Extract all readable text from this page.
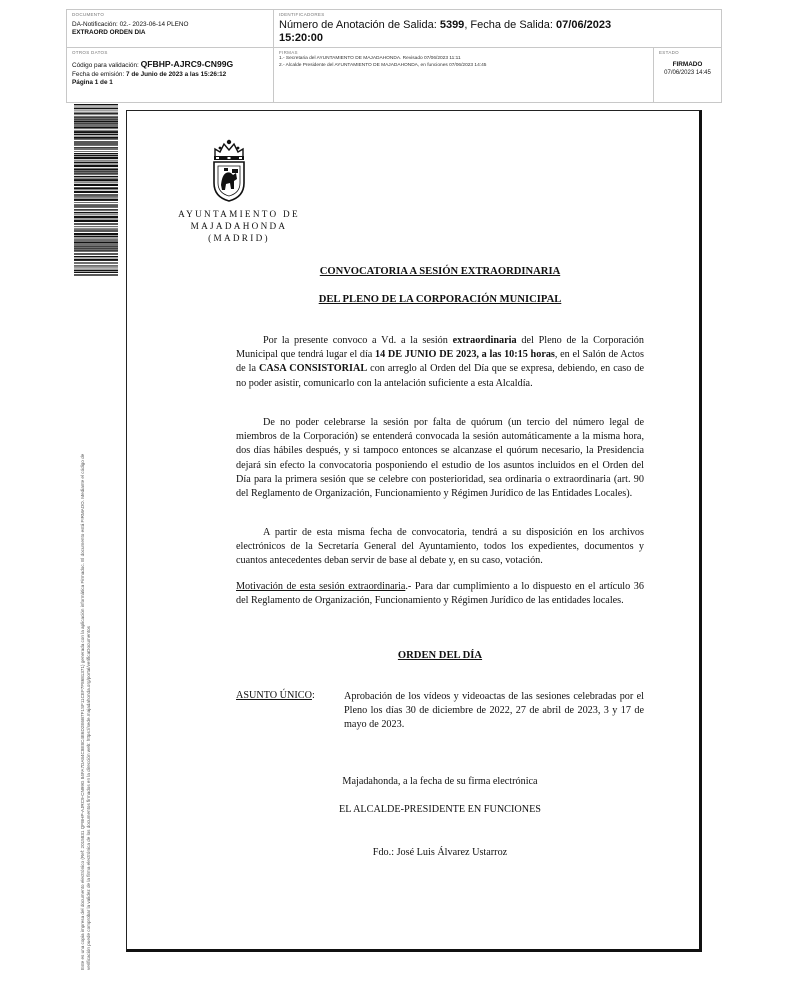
DOCUMENTO
DA-Notificación: 02.- 2023-06-14 PLENO
EXTRAORD ORDEN DIA
IDENTIFICADORES
Número de Anotación de Salida: 5399, Fecha de Salida: 07/06/2023
15:20:00
OTROS DATOS
Código para validación: QFBHP-AJRC9-CN99G
Fecha de emisión: 7 de Junio de 2023 a las 15:26:12
Página 1 de 1
FIRMAS
1.- Secretaria del AYUNTAMIENTO DE MAJADAHONDA. Revisado 07/06/2023 11:11
2.- Alcalde Presidente del AYUNTAMIENTO DE MAJADAHONDA, en funciones 07/06/2023 14:45
ESTADO
FIRMADO
07/06/2023 14:45
Este es una copia impresa del documento electrónico (Ref: 2015831 QFBHP-AJRC9-CN99G 84FA7DA84C8E8C4E6D2E6B7F1SF11CEF7F8681371) generada con la aplicación informática Firmadoc. El documento está FIRMADO. Mediante el código de verificación puede comprobar la validez de la firma electrónica de los documentos firmados en la dirección web: https://sede.majadahonda.org/portal/verificaDocumentos
AYUNTAMIENTO DE
MAJADAHONDA
(MADRID)
CONVOCATORIA A SESIÓN EXTRAORDINARIA
DEL PLENO DE LA CORPORACIÓN MUNICIPAL
Por la presente convoco a Vd. a la sesión extraordinaria del Pleno de la Corporación Municipal que tendrá lugar el día 14 DE JUNIO DE 2023, a las 10:15 horas, en el Salón de Actos de la CASA CONSISTORIAL con arreglo al Orden del Día que se expresa, debiendo, en caso de no poder asistir, comunicarlo con la antelación suficiente a esta Alcaldía.
De no poder celebrarse la sesión por falta de quórum (un tercio del número legal de miembros de la Corporación) se entenderá convocada la sesión automáticamente a la misma hora, dos días hábiles después, y si tampoco entonces se alcanzase el quórum necesario, la Presidencia dejará sin efecto la convocatoria posponiendo el estudio de los asuntos incluidos en el Orden del Día para la primera sesión que se celebre con posterioridad, sea ordinaria o extraordinaria (art. 90 del Reglamento de Organización, Funcionamiento y Régimen Jurídico de las Entidades Locales).
A partir de esta misma fecha de convocatoria, tendrá a su disposición en los archivos electrónicos de la Secretaría General del Ayuntamiento, todos los expedientes, documentos y cuantos antecedentes deban servir de base al debate y, en su caso, votación.
Motivación de esta sesión extraordinaria.- Para dar cumplimiento a lo dispuesto en el artículo 36 del Reglamento de Organización, Funcionamiento y Régimen Jurídico de las entidades locales.
ORDEN DEL DÍA
ASUNTO ÚNICO:	Aprobación de los vídeos y videoactas de las sesiones celebradas por el Pleno los días 30 de diciembre de 2022, 27 de abril de 2023, 3 y 17 de mayo de 2023.
Majadahonda, a la fecha de su firma electrónica
EL ALCALDE-PRESIDENTE EN FUNCIONES
Fdo.: José Luis Álvarez Ustarroz
